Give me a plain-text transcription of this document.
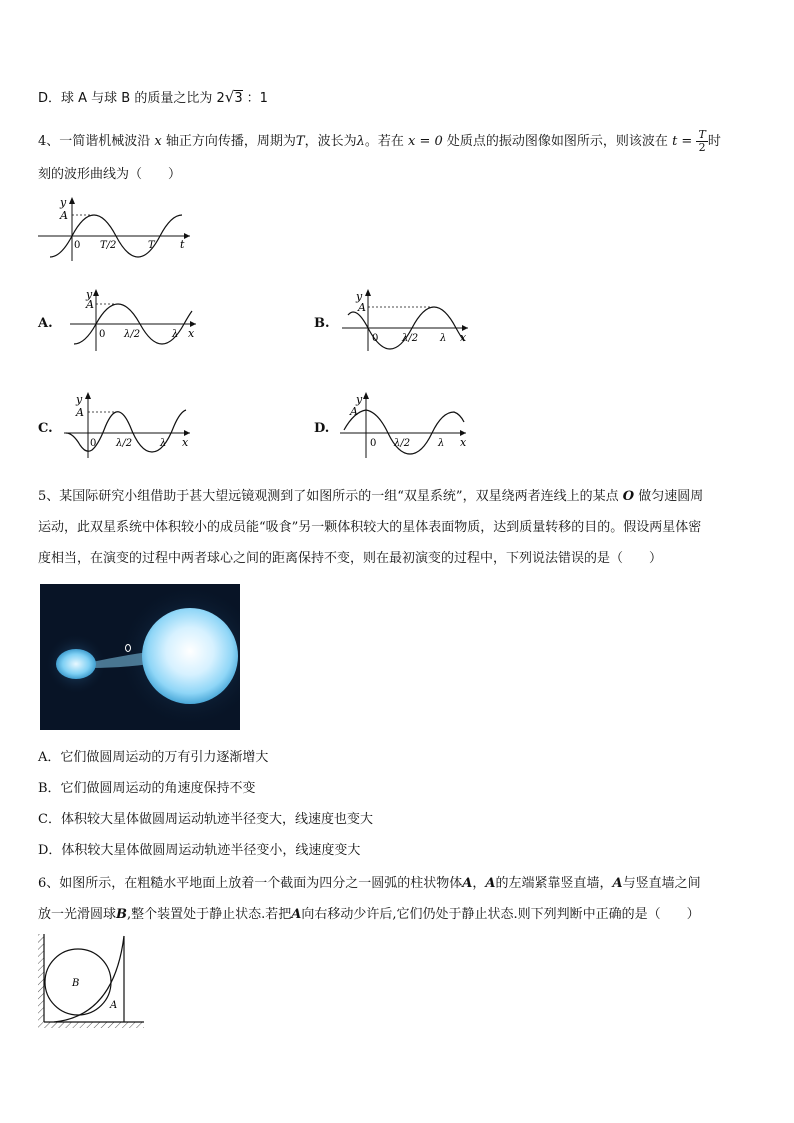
D．球 A 与球 B 的质量之比为 2√3 ：1
4、一简谐机械波沿 x 轴正方向传播，周期为T，波长为λ。若在 x = 0 处质点的振动图像如图所示，则该波在 $t = \frac{T}{2}$ 时
刻的波形曲线为（　　）
y
A
0 T/2	T t
A.
y
A
0 λ/2	λ x
B.
y
A
0 λ/2 λ x
C.
y
A
0 λ/2	λ x
D.
y
A
0 λ/2	λ x
5、某国际研究小组借助于甚大望远镜观测到了如图所示的一组“双星系统”，双星绕两者连线上的某点 O 做匀速圆周
运动，此双星系统中体积较小的成员能“吸食”另一颗体积较大的星体表面物质，达到质量转移的目的。假设两星体密
度相当，在演变的过程中两者球心之间的距离保持不变，则在最初演变的过程中，下列说法错误的是（　　）
A．它们做圆周运动的万有引力逐渐增大
B．它们做圆周运动的角速度保持不变
C．体积较大星体做圆周运动轨迹半径变大，线速度也变大
D．体积较大星体做圆周运动轨迹半径变小，线速度变大
6、如图所示，在粗糙水平地面上放着一个截面为四分之一圆弧的柱状物体A，A的左端紧靠竖直墙，A与竖直墙之间
放一光滑圆球B,整个装置处于静止状态.若把A向右移动少许后,它们仍处于静止状态.则下列判断中正确的是（　　）
B
A
